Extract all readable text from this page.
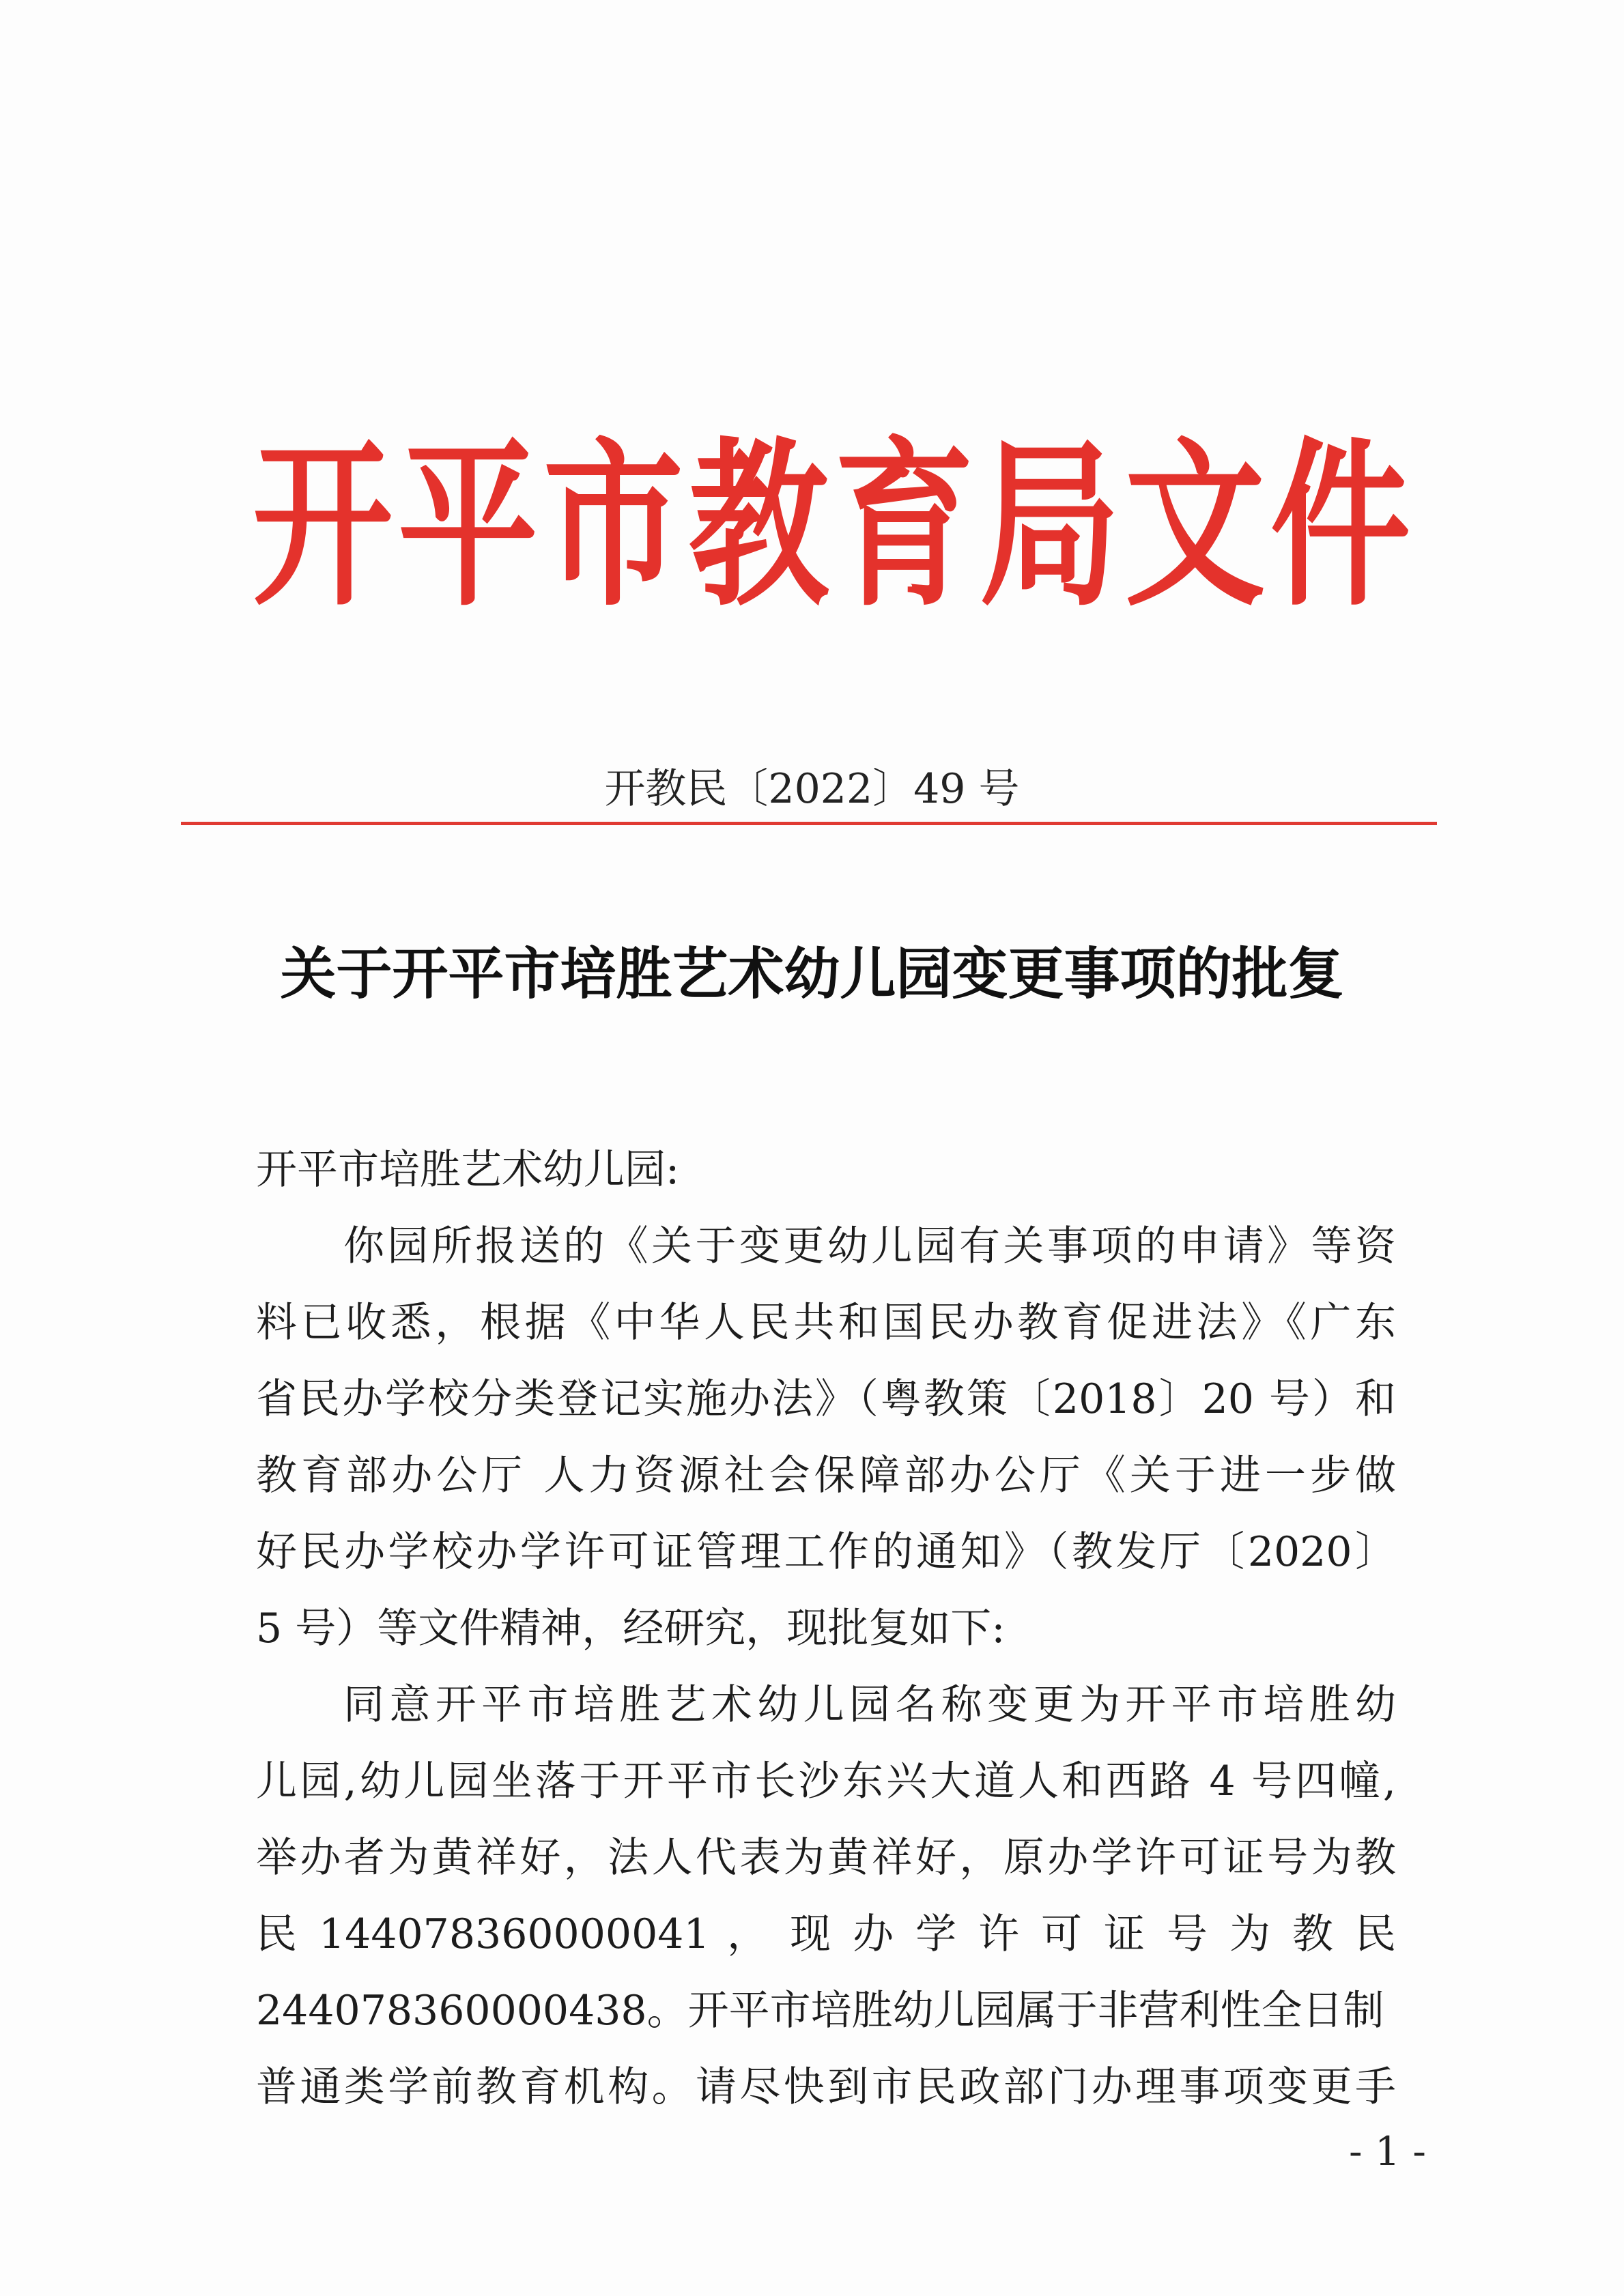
开平市教育局文件
开教民〔2022〕49 号
关于开平市培胜艺术幼儿园变更事项的批复
开平市培胜艺术幼儿园:
你园所报送的《关于变更幼儿园有关事项的申请》等资
料已收悉，根据《中华人民共和国民办教育促进法》《广东
省民办学校分类登记实施办法》（粤教策〔2018〕20 号）和
教育部办公厅 人力资源社会保障部办公厅《关于进一步做
好民办学校办学许可证管理工作的通知》（教发厅〔2020〕
5 号）等文件精神，经研究，现批复如下:
同意开平市培胜艺术幼儿园名称变更为开平市培胜幼
儿园,幼儿园坐落于开平市长沙东兴大道人和西路 4 号四幢,
举办者为黄祥好，法人代表为黄祥好，原办学许可证号为教
民 144078360000041 ， 现 办 学 许 可 证 号 为 教 民
244078360000438。开平市培胜幼儿园属于非营利性全日制
普通类学前教育机构。请尽快到市民政部门办理事项变更手
- 1 -
